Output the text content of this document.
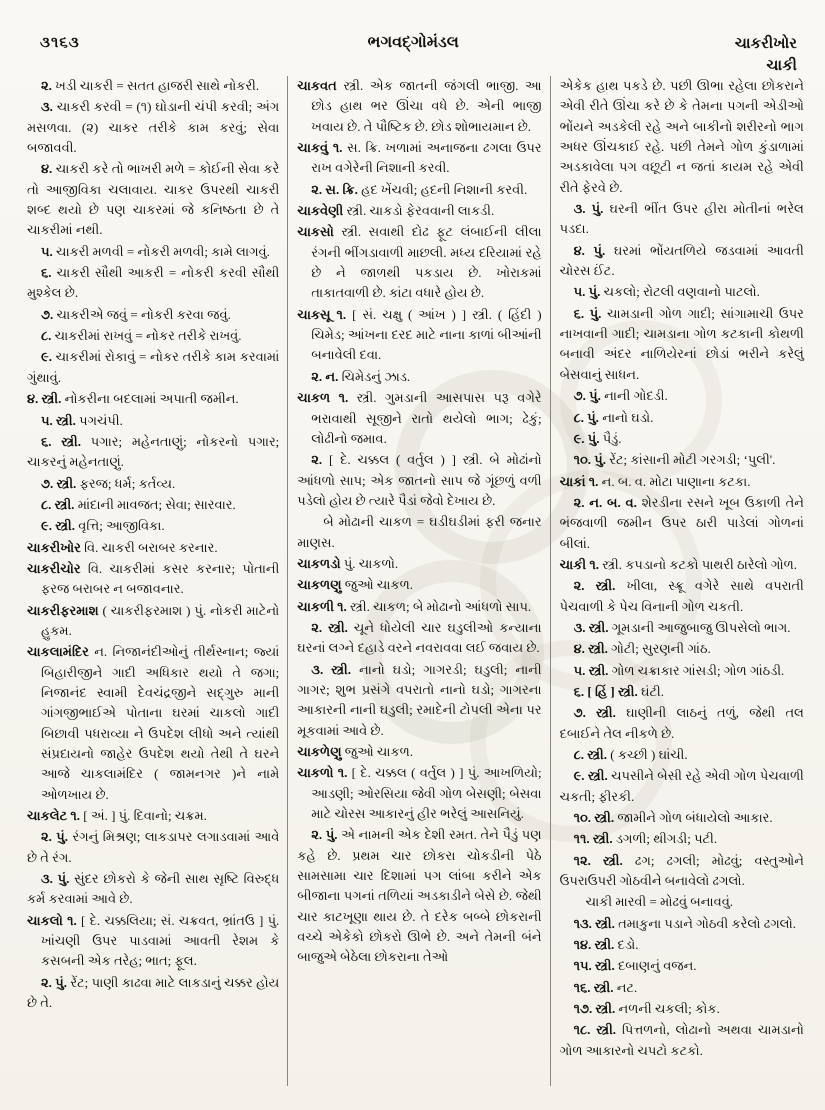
૩૧૬૩	ભગવદ્ગોમંડલ	ચાકરીખોર
ચાકી

૨. ખડી ચાકરી = સતત હાજરી સાથે નોકરી.

૩. ચાકરી કરવી = (૧) ઘોડાની ચંપી કરવી; અંગ મસળવા. (૨) ચાકર તરીકે કામ કરવું; સેવા બજાવવી.

૪. ચાકરી કરે તો ભાખરી મળે = કોઈની સેવા કરે તો આજીવિકા ચલાવાય. ચાકર ઉપરથી ચાકરી શબ્દ થયો છે પણ ચાકરમાં જે કનિષ્ઠતા છે તે ચાકરીમાં નથી.

૫. ચાકરી મળવી = નોકરી મળવી; કામે લાગવું.

૬. ચાકરી સૌથી આકરી = નોકરી કરવી સૌથી મુશ્કેલ છે.

૭. ચાકરીએ જવું = નોકરી કરવા જવું.

૮. ચાકરીમાં રાખવું = નોકર તરીકે રાખવું.

૯. ચાકરીમાં રોકાવું = નોકર તરીકે કામ કરવામાં ગુંથાવું.

૪. સ્ત્રી. નોકરીના બદલામાં અપાતી જમીન.

૫. સ્ત્રી. પગચંપી.

૬. સ્ત્રી. પગાર; મહેનતાણું; નોકરનો પગાર; ચાકરનું મહેનતાણું.

૭. સ્ત્રી. ફરજ; ધર્મ; કર્તવ્ય.

૮. સ્ત્રી. માંદાની માવજત; સેવા; સારવાર.

૯. સ્ત્રી. વૃત્તિ; આજીવિકા.

ચાકરીખોર વિ. ચાકરી બરાબર કરનાર.

ચાકરીચોર વિ. ચાકરીમાં કસર કરનાર; પોતાની ફરજ બરાબર ન બજાવનાર.

ચાકરીફરમાશ ( ચાકરીફરમાશ ) પું. નોકરી માટેનો હુકમ.

ચાકલામંદિર ન. નિજાનંદીઓનું તીર્થસ્નાન; જ્યાં બિહારીજીને ગાદી અધિકાર થયો તે જગા; નિજાનંદ સ્વામી દેવચંદ્રજીને સદ્‌ગુરુ માની ગાંગજીભાઈએ પોતાના ઘરમાં ચાકલો ગાદી બિછાવી પધરાવ્યા ને ઉપદેશ લીધો અને ત્યાંથી સંપ્રદાયનો જાહેર ઉપદેશ થયો તેથી તે ઘરને આજે ચાકલામંદિર ( જામનગર )ને નામે ઓળખાય છે.

ચાકલેટ ૧. [ અં. ] પું. દિવાનો; ચક્રમ.

૨. પું. રંગનું મિશ્રણ; લાકડાપર લગાડવામાં આવે છે તે રંગ.

૩. પું. સુંદર છોકરો કે જેની સાથ સૃષ્ટિ વિરુદ્ધ કર્મ કરવામાં આવે છે.

ચાકલો ૧. [ દે. ચક્કલિયા; સં. ચક્રવત, ભ્રાંતઉ ] પું. ખાંચણી ઉપર પાડવામાં આવતી રેશમ કે કસબની એક તરેહ; ભાત; ફૂલ.

૨. પું. રેંટ; પાણી કાઢવા માટે લાકડાનું ચક્કર હોય છે તે.

ચાકવત સ્ત્રી. એક જાતની જંગલી ભાજી. આ છોડ હાથ ભર ઊંચા વધે છે. એની ભાજી ખવાય છે. તે પૌષ્ટિક છે. છોડ શોભાયમાન છે.

ચાકવું ૧. સ. ક્રિ. ખળામાં અનાજના ઢગલા ઉપર રાખ વગેરેની નિશાની કરવી.

૨. સ. ક્રિ. હદ ખેંચવી; હદની નિશાની કરવી.

ચાકવેણી સ્ત્રી. ચાકડો ફેરવવાની લાકડી.

ચાકસો સ્ત્રી. સવાથી દોઢ ફૂટ લંબાઈની લીલા રંગની ભીંગડાવાળી માછલી. મધ્ય દરિયામાં રહે છે ને જાળથી પકડાય છે. ખોરાકમાં તાકાતવાળી છે. કાંટા વધારે હોય છે.

ચાકસૂ ૧. [ સં. ચક્ષુ ( આંખ ) ] સ્ત્રી. ( હિંદી ) ચિમેડ; આંખના દરદ માટે નાના કાળાં બીઆંની બનાવેલી દવા.

૨. ન. ચિમેડનું ઝાડ.

ચાકળ ૧. સ્ત્રી. ગુમડાની આસપાસ પરૂ વગેરે ભરાવાથી સૂજીને રાતો થયેલો ભાગ; ઢેકું; લોઢીનો જમાવ.

૨. [ દે. ચક્કલ ( વર્તુલ ) ] સ્ત્રી. બે મોઢાંનો આંધળો સાપ; એક જાતનો સાપ જે ગૂંછળું વળી પડેલો હોય છે ત્યારે પૈડાં જેવો દેખાય છે.

બે મોઢાની ચાકળ = ઘડીઘડીમાં ફરી જનાર માણસ.

ચાકળડો પું. ચાકળો.

ચાકળણુ જુઓ ચાકળ.

ચાકળી ૧. સ્ત્રી. ચાકળ; બે મોઢાનો આંધળો સાપ.

૨. સ્ત્રી. ચૂને ધોયેલી ચાર ઘડુલીઓ કન્યાના ઘરનાં લગ્ને દહાડે વરને નવરાવવા લઈ જવાય છે.

૩. સ્ત્રી. નાનો ઘડો; ગાગરડી; ઘડુલી; નાની ગાગર; શુભ પ્રસંગે વપરાતો નાનો ઘડો; ગાગરના આકારની નાની ઘડુલી; રમાદેની ટોપલી એના પર મૂકવામાં આવે છે.

ચાકળેણુ જુઓ ચાકળ.

ચાકળો ૧. [ દે. ચક્કલ ( વર્તુલ ) ] પું. આખળિયો; આડણી; ઓરસિયા જેવી ગોળ બેસણી; બેસવા માટે ચોરસ આકારનું હીર ભરેલું આસનિયું.

૨. પું. એ નામની એક દેશી રમત. તેને પૈડું પણ કહે છે. પ્રથમ ચાર છોકરા ચોકડીની પેઠે સામસામા ચાર દિશામાં પગ લાંબા કરીને એક બીજાના પગનાં તળિયાં અડકાડીને બેસે છે. જેથી ચાર કાટખૂણા થાય છે. તે દરેક બબ્બે છોકરાની વચ્ચે એકેકો છોકરો ઊભે છે. અને તેમની બંને બાજુએ બેઠેલા છોકરાના તેઓ

એકેક હાથ પકડે છે. પછી ઊભા રહેલા છોકરાને એવી રીતે ઊંચા કરે છે કે તેમના પગની એડીઓ ભોંયને અડકેલી રહે અને બાકીનો શરીરનો ભાગ અધર ઊંચકાઈ રહે. પછી તેમને ગોળ કુંડાળામાં અડકાવેલા પગ વછૂટી ન જતાં કાયમ રહે એવી રીતે ફેરવે છે.

૩. પું. ઘરની ભીંત ઉપર હીરા મોતીનાં ભરેલ પડદા.

૪. પું. ઘરમાં ભોંયતળિયે જડવામાં આવતી ચોરસ ઈંટ.

૫. પું. ચકલો; રોટલી વણવાનો પાટલો.

૬. પું. ચામડાની ગોળ ગાદી; સાંગામાચી ઉપર નાખવાની ગાદી; ચામડાના ગોળ કટકાની કોથળી બનાવી અંદર નાળિયેરનાં છોડાં ભરીને કરેલું બેસવાનું સાધન.

૭. પું. નાની ગોદડી.

૮. પું. નાનો ઘડો.

૯. પું. પૈડું.

૧૦. પું. રેંટ; કાંસાની મોટી ગરગડી; ‘પુલી'.

ચાકાં ૧. ન. બ. વ. મોટા પાણાના કટકા.

૨. ન. બ. વ. શેરડીના રસને ખૂબ ઉકાળી તેને ભંજવાળી જમીન ઉપર ઠારી પાડેલાં ગોળનાં બીલાં.

ચાકી ૧. સ્ત્રી. કપડાનો કટકો પાથરી ઠારેલો ગોળ.

૨. સ્ત્રી. ખીલા, સ્ક્રૂ વગેરે સાથે વપરાતી પેચવાળી કે પેચ વિનાની ગોળ ચકતી.

૩. સ્ત્રી. ગૂમડાની આજુબાજુ ઊપસેલો ભાગ.

૪. સ્ત્રી. ગોટી; સુરણની ગાંઠ.

૫. સ્ત્રી. ગોળ ચક્રાકાર ગાંસડી; ગોળ ગાંઠડી.

૬. [ હિં ] સ્ત્રી. ઘંટી.

૭. સ્ત્રી. ઘાણીની લાઠનું તળું, જેથી તલ દબાઈને તેલ નીકળે છે.

૮. સ્ત્રી. ( કચ્છી ) ઘાંચી.

૯. સ્ત્રી. ચપસીને બેસી રહે એવી ગોળ પેચવાળી ચકતી; ફીરકી.

૧૦. સ્ત્રી. જામીને ગોળ બંધાયેલો આકાર.

૧૧. સ્ત્રી. ડગળી; થીગડી; પટી.

૧૨. સ્ત્રી. ઢગ; ઢગલી; મોઢવું; વસ્તુઓને ઉપરાઉપરી ગોઠવીને બનાવેલો ઢગલો.

ચાકી મારવી = મોઢવું બનાવવું.

૧૩. સ્ત્રી. તમાકુના પડાને ગોઠવી કરેલો ઢગલો.

૧૪. સ્ત્રી. દડો.

૧૫. સ્ત્રી. દબાણનું વજન.

૧૬. સ્ત્રી. નટ.

૧૭. સ્ત્રી. નળની ચકલી; કોક.

૧૮. સ્ત્રી. પિત્તળનો, લોઢાનો અથવા ચામડાનો ગોળ આકારનો ચપટો કટકો.
